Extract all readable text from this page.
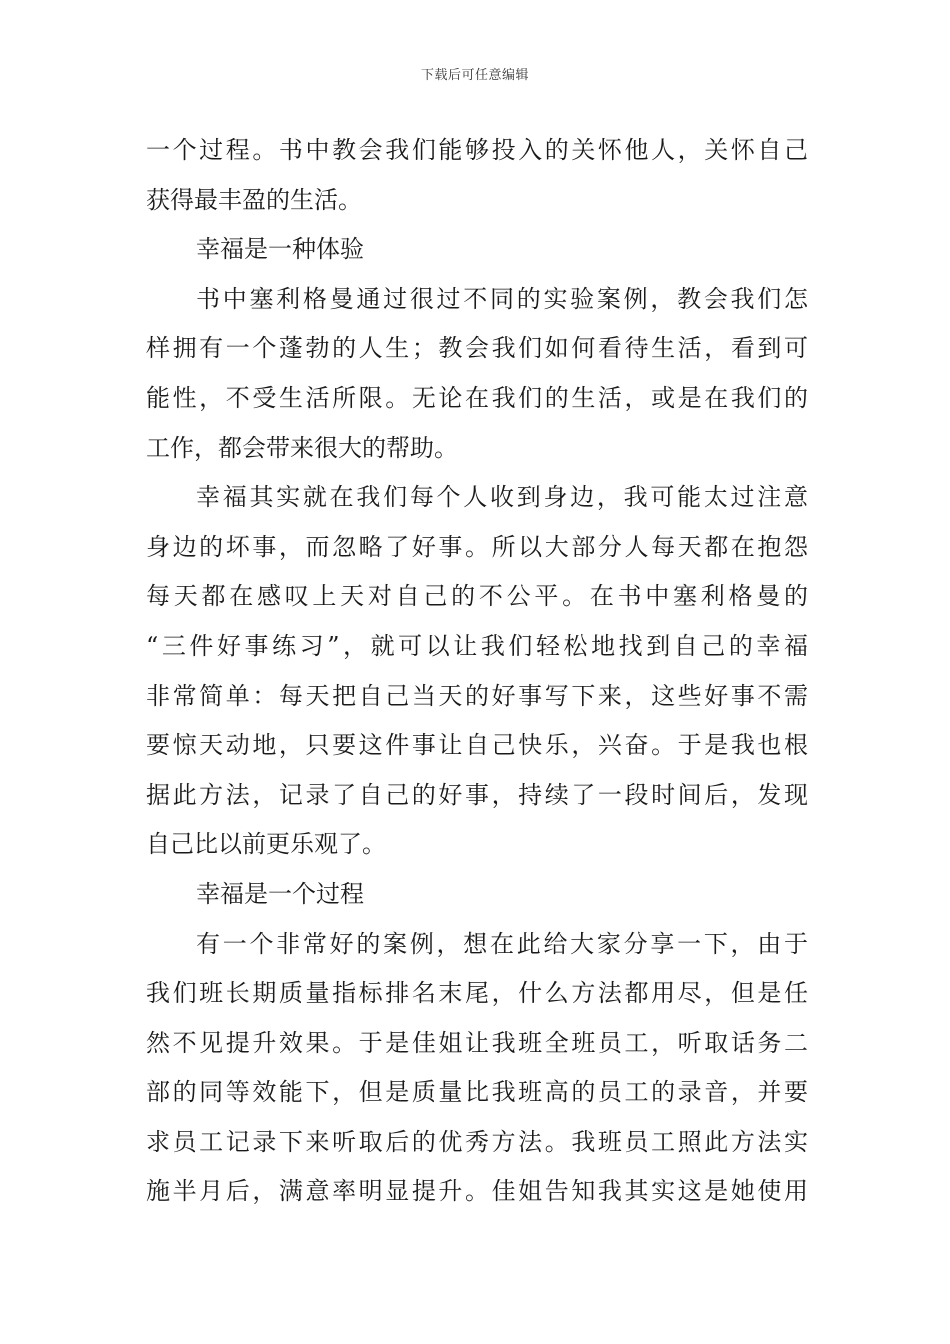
下载后可任意编辑
一个过程。书中教会我们能够投入的关怀他人，关怀自己
获得最丰盈的生活。
幸福是一种体验
书中塞利格曼通过很过不同的实验案例，教会我们怎
样拥有一个蓬勃的人生；教会我们如何看待生活，看到可
能性，不受生活所限。无论在我们的生活，或是在我们的
工作，都会带来很大的帮助。
幸福其实就在我们每个人收到身边，我可能太过注意
身边的坏事，而忽略了好事。所以大部分人每天都在抱怨
每天都在感叹上天对自己的不公平。在书中塞利格曼的
“三件好事练习”，就可以让我们轻松地找到自己的幸福
非常简单：每天把自己当天的好事写下来，这些好事不需
要惊天动地，只要这件事让自己快乐，兴奋。于是我也根
据此方法，记录了自己的好事，持续了一段时间后，发现
自己比以前更乐观了。
幸福是一个过程
有一个非常好的案例，想在此给大家分享一下，由于
我们班长期质量指标排名末尾，什么方法都用尽，但是任
然不见提升效果。于是佳姐让我班全班员工，听取话务二
部的同等效能下，但是质量比我班高的员工的录音，并要
求员工记录下来听取后的优秀方法。我班员工照此方法实
施半月后，满意率明显提升。佳姐告知我其实这是她使用
